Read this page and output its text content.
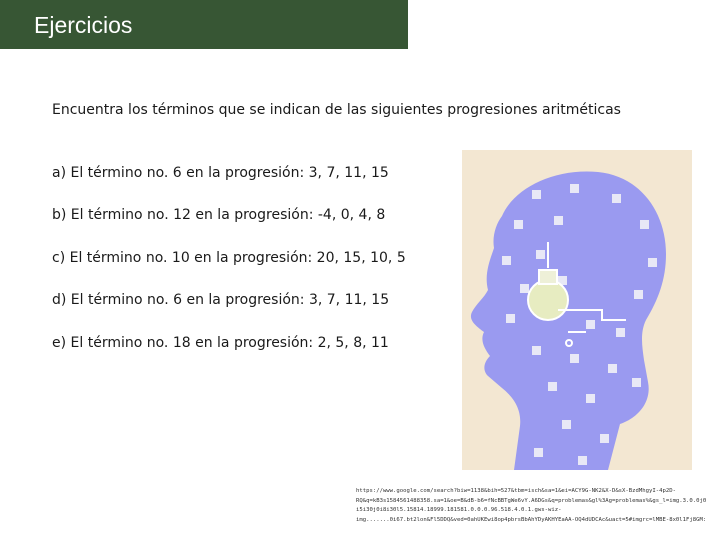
Ejercicios
Encuentra los términos que se indican de las siguientes progresiones aritméticas
a) El término no. 6 en la progresión: 3, 7, 11, 15
b) El término no. 12 en la progresión: -4, 0, 4, 8
c) El término no. 10 en la progresión: 20, 15, 10, 5
d) El término no. 6 en la progresión: 3, 7, 11, 15
e) El término no. 18 en la progresión: 2, 5, 8, 11
https://www.google.com/search?biw=1138&bih=527&tbm=isch&sa=1&ei=ACY9G-NK2&X-D&sX-BzdMhgyI-4p2D-
RQ&q=kB3s1584561488358.sa=1&oe=B&dB-b6=fNcBBTgWe6vY.A6DGs&q=problemas&gl%3Ag=problemas%&gs_l=img.3.0.0j0
i5i30j0i8i30l5.15814.18999.181581.0.0.0.96.518.4.0.1.gws-wiz-
img.......0i67.bt2lon&Fl5DDQ&ved=0ahUKEwi8op4pbrsBbAhYDyAKHYEaAA-OQ4dUDCAc&uact=5#imgrc=lMBE-8x0l1Fj8GM:
